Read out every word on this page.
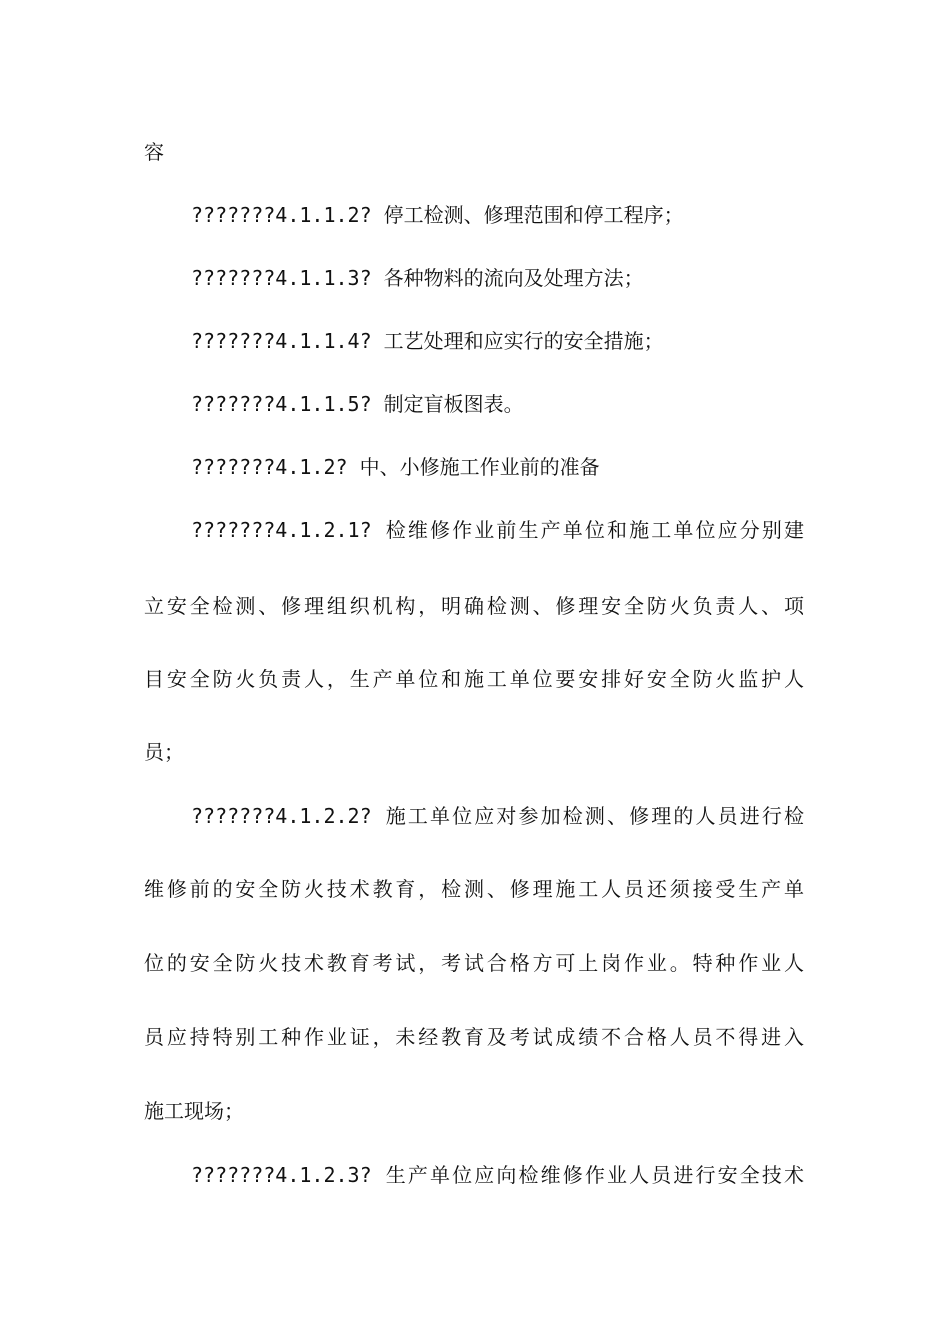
容
???????4.1.1.2? 停工检测、修理范围和停工程序；
???????4.1.1.3? 各种物料的流向及处理方法；
???????4.1.1.4? 工艺处理和应实行的安全措施；
???????4.1.1.5? 制定盲板图表。
???????4.1.2? 中、小修施工作业前的准备
???????4.1.2.1? 检维修作业前生产单位和施工单位应分别建
立安全检测、修理组织机构，明确检测、修理安全防火负责人、项
目安全防火负责人，生产单位和施工单位要安排好安全防火监护人
员；
???????4.1.2.2? 施工单位应对参加检测、修理的人员进行检
维修前的安全防火技术教育，检测、修理施工人员还须接受生产单
位的安全防火技术教育考试，考试合格方可上岗作业。特种作业人
员应持特别工种作业证，未经教育及考试成绩不合格人员不得进入
施工现场；
???????4.1.2.3? 生产单位应向检维修作业人员进行安全技术
